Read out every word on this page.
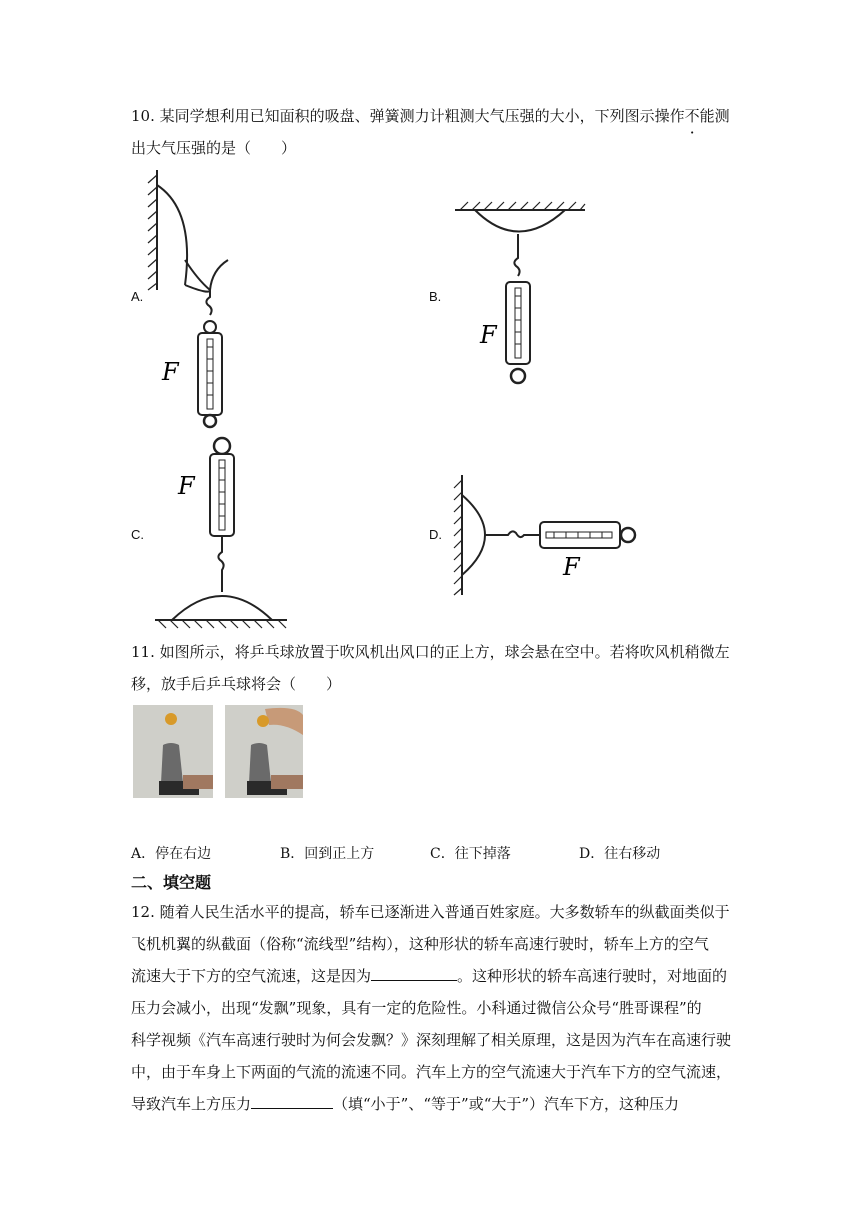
10. 某同学想利用已知面积的吸盘、弹簧测力计粗测大气压强的大小，下列图示操作不能测
出大气压强的是（　　）
A.	B.
C.	D.
F
F
F
F
11. 如图所示，将乒乓球放置于吹风机出风口的正上方，球会悬在空中。若将吹风机稍微左
移，放手后乒乓球将会（　　）
A．停在右边	B．回到正上方	C．往下掉落	D．往右移动
二、填空题
12. 随着人民生活水平的提高，轿车已逐渐进入普通百姓家庭。大多数轿车的纵截面类似于
飞机机翼的纵截面（俗称“流线型”结构），这种形状的轿车高速行驶时，轿车上方的空气
流速大于下方的空气流速，这是因为	。这种形状的轿车高速行驶时，对地面的
压力会减小，出现“发飘”现象，具有一定的危险性。小科通过微信公众号“胜哥课程”的
科学视频《汽车高速行驶时为何会发飘？》深刻理解了相关原理，这是因为汽车在高速行驶
中，由于车身上下两面的气流的流速不同。汽车上方的空气流速大于汽车下方的空气流速，
导致汽车上方压力	（填“小于”、“等于”或“大于”）汽车下方，这种压力
